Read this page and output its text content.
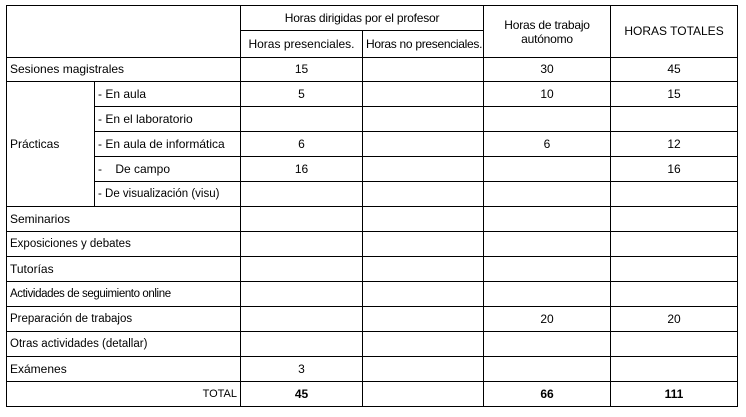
		Horas dirigidas por el profesor		Horas de trabajo autónomo	HORAS TOTALES
		Horas presenciales.	Horas no presenciales.		
Sesiones magistrales		15		30	45
Prácticas	- En aula	5		10	15
	- En el laboratorio				
	- En aula de informática	6		6	12
	-    De campo	16			16
	- De visualización (visu)				
Seminarios					
Exposiciones y debates					
Tutorías					
Actividades de seguimiento online					
Preparación de trabajos				20	20
Otras actividades (detallar)					
Exámenes		3			
TOTAL		45		66	111
